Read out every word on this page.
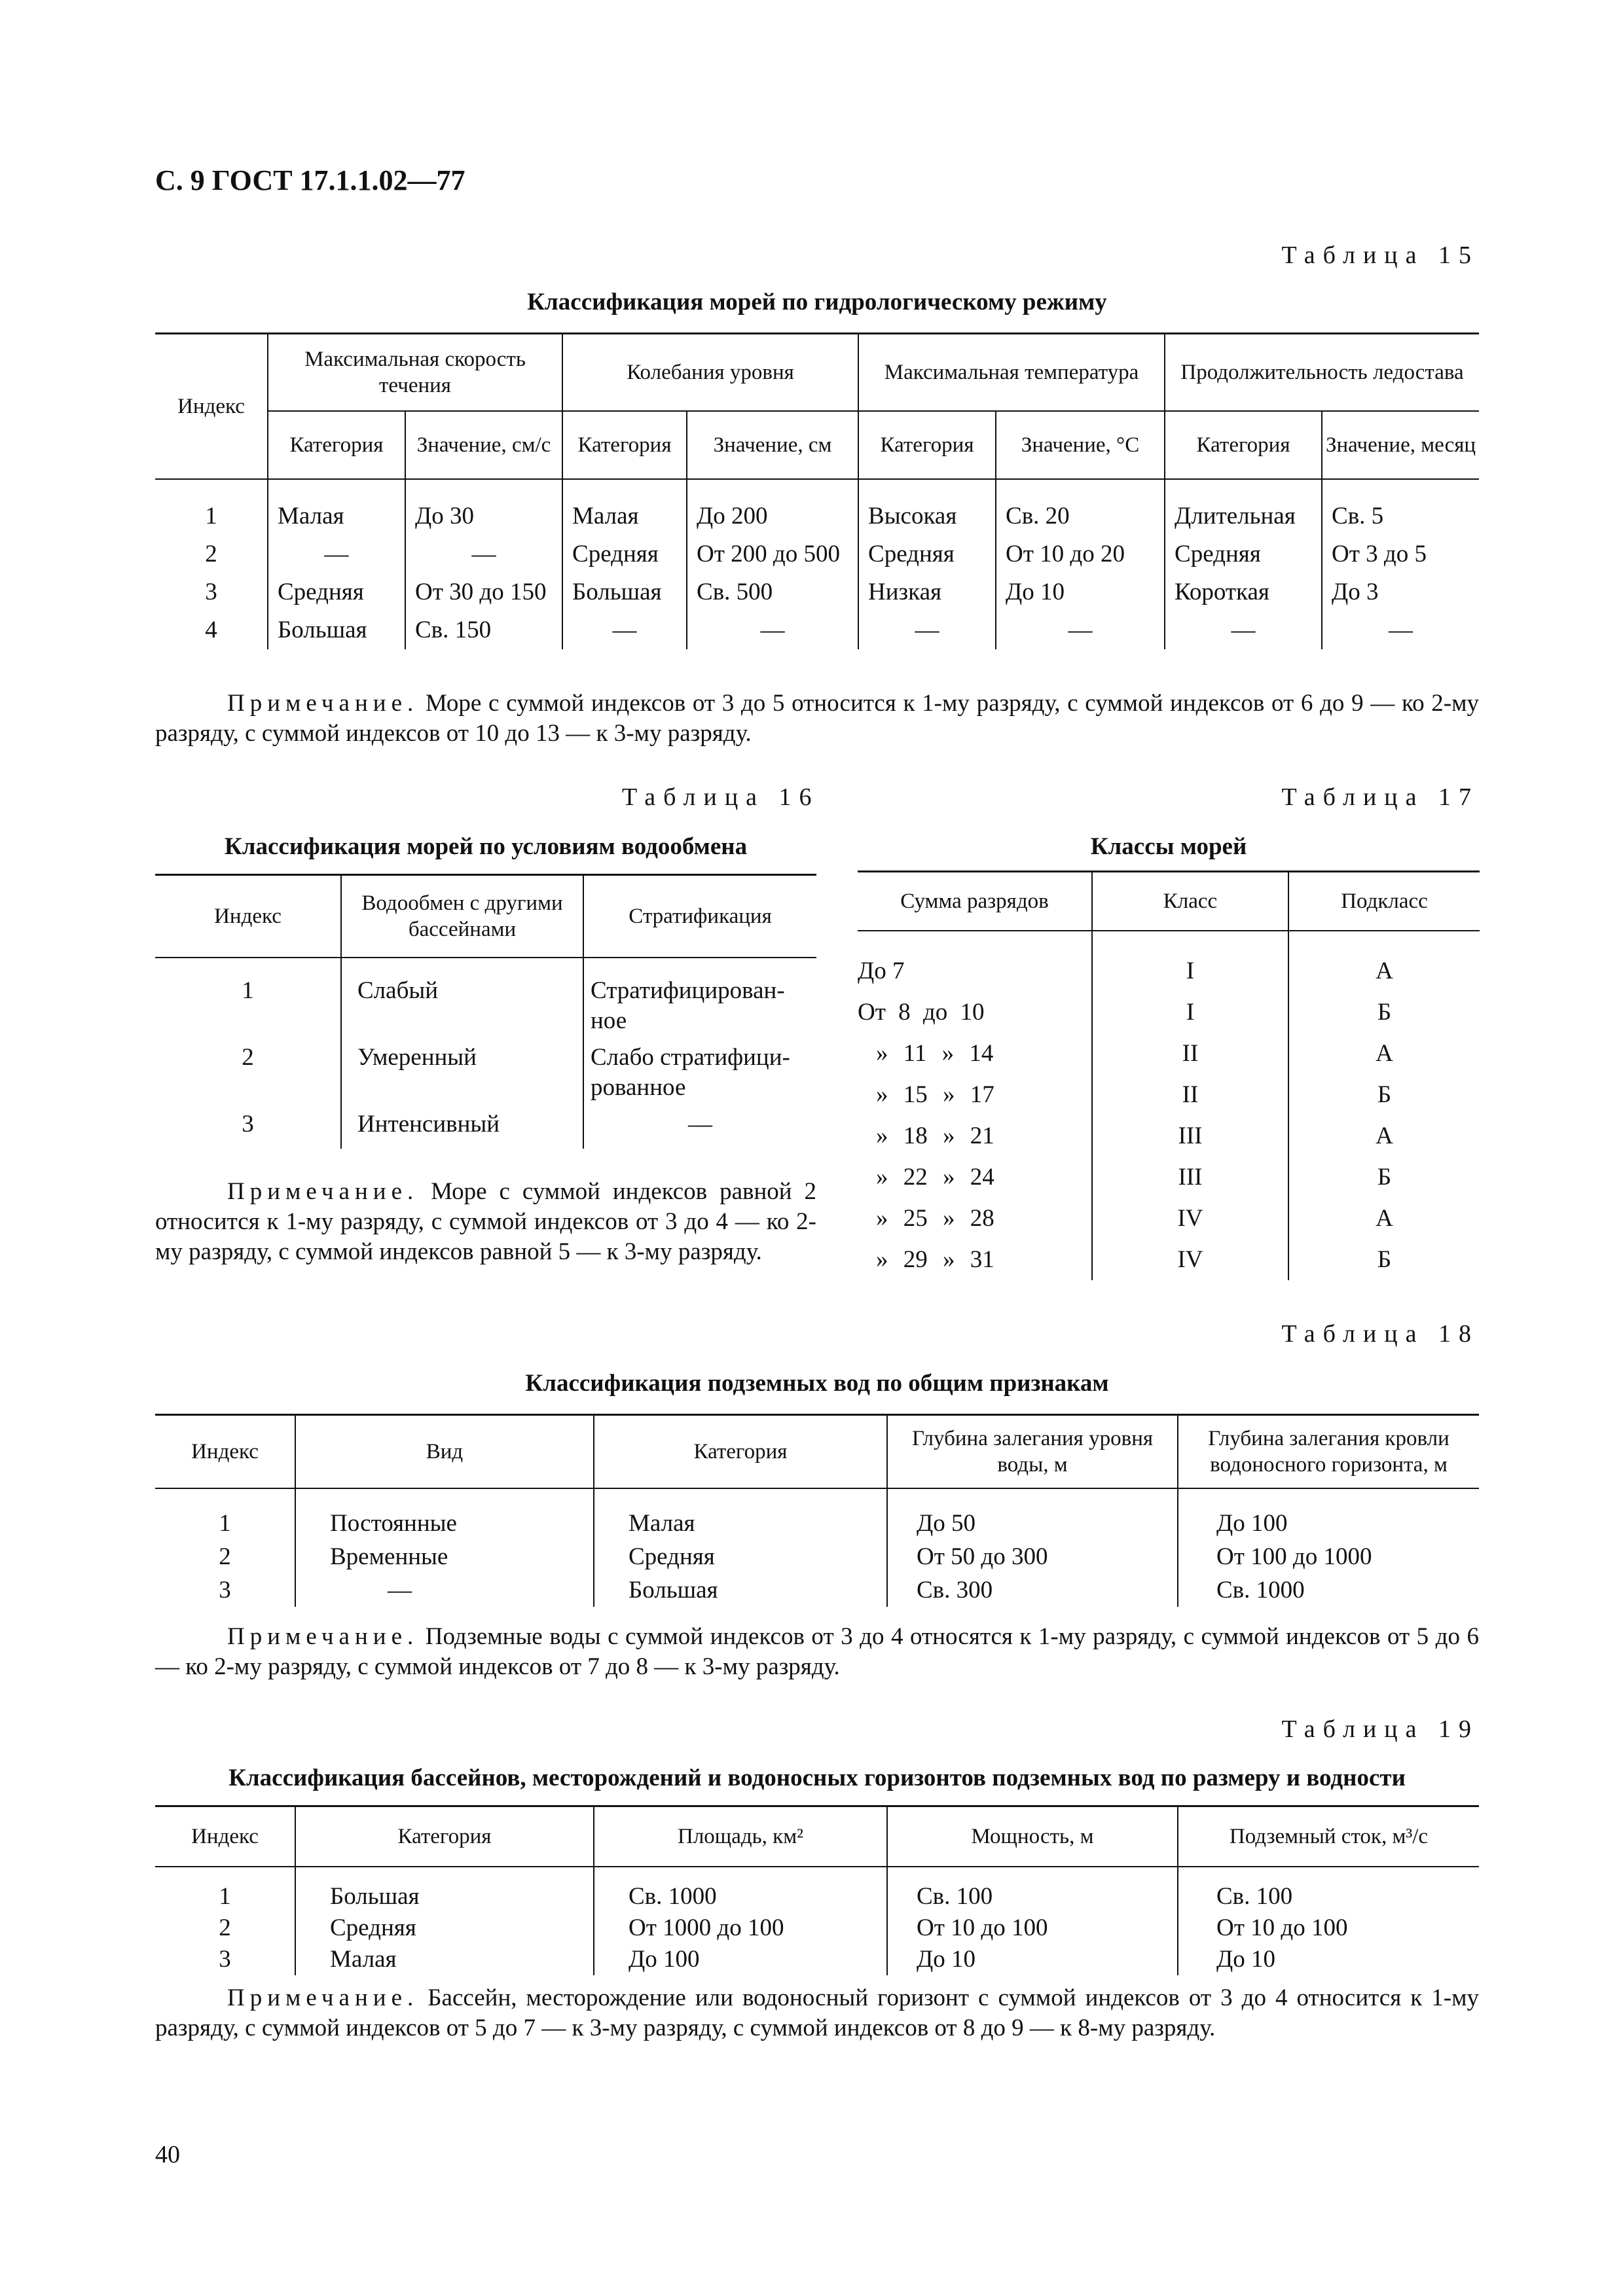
С. 9 ГОСТ 17.1.1.02—77
Таблица 15
Классификация морей по гидрологическому режиму
Индекс	Максимальная скорость течения		Колебания уровня		Максимальная температура		Продолжительность ледостава	
	Категория	Значение, см/с	Категория	Значение, см	Категория	Значение, °С	Категория	Значение, месяц

1	Малая	До 30	Малая	До 200	Высокая	Св. 20	Длительная	Св. 5
2	—	—	Средняя	От 200 до 500	Средняя	От 10 до 20	Средняя	От 3 до 5
3	Средняя	От 30 до 150	Большая	Св. 500	Низкая	До 10	Короткая	До 3
4	Большая	Св. 150	—	—	—	—	—	—
Примечание. Море с суммой индексов от 3 до 5 относится к 1-му разряду, с суммой индексов от 6 до 9 — ко 2-му разряду, с суммой индексов от 10 до 13 — к 3-му разряду.
Таблица 16
Классификация морей по условиям водообмена
Индекс	Водообмен с другими бассейнами	Стратификация

1	Слабый	Стратифицирован-ное
2	Умеренный	Слабо стратифици-рованное
3	Интенсивный	—
Примечание. Море с суммой индексов равной 2 относится к 1-му разряду, с суммой индексов от 3 до 4 — ко 2-му разряду, с суммой индексов равной 5 — к 3-му разряду.
Таблица 17
Классы морей
Сумма разрядов	Класс	Подкласс

До 7	I	А
От 8 до 10	I	Б
» 11 » 14	II	А
» 15 » 17	II	Б
» 18 » 21	III	А
» 22 » 24	III	Б
» 25 » 28	IV	А
» 29 » 31	IV	Б
Таблица 18
Классификация подземных вод по общим признакам
Индекс	Вид	Категория	Глубина залегания уровня воды, м	Глубина залегания кровли водоносного горизонта, м

1	Постоянные	Малая	До 50	До 100
2	Временные	Средняя	От 50 до 300	От 100 до 1000
3	—	Большая	Св. 300	Св. 1000
Примечание. Подземные воды с суммой индексов от 3 до 4 относятся к 1-му разряду, с суммой индексов от 5 до 6 — ко 2-му разряду, с суммой индексов от 7 до 8 — к 3-му разряду.
Таблица 19
Классификация бассейнов, месторождений и водоносных горизонтов подземных вод по размеру и водности
Индекс	Категория	Площадь, км²	Мощность, м	Подземный сток, м³/с

1	Большая	Св. 1000	Св. 100	Св. 100
2	Средняя	От 1000 до 100	От 10 до 100	От 10 до 100
3	Малая	До 100	До 10	До 10
Примечание. Бассейн, месторождение или водоносный горизонт с суммой индексов от 3 до 4 относится к 1-му разряду, с суммой индексов от 5 до 7 — к 3-му разряду, с суммой индексов от 8 до 9 — к 8-му разряду.
40
